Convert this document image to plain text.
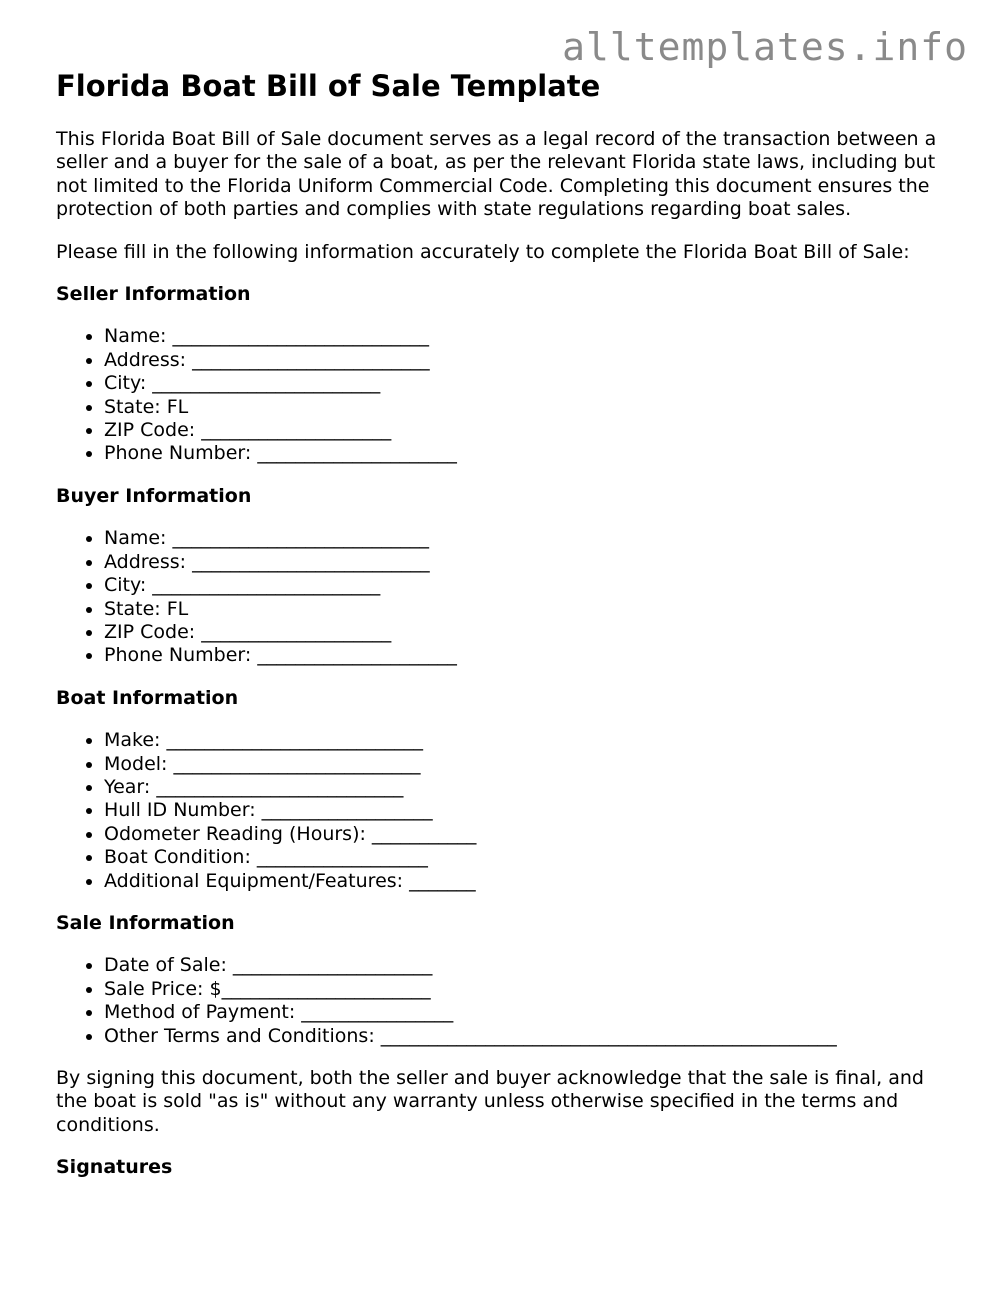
alltemplates.info
Florida Boat Bill of Sale Template

This Florida Boat Bill of Sale document serves as a legal record of the transaction between a seller and a buyer for the sale of a boat, as per the relevant Florida state laws, including but not limited to the Florida Uniform Commercial Code. Completing this document ensures the protection of both parties and complies with state regulations regarding boat sales.

Please fill in the following information accurately to complete the Florida Boat Bill of Sale:

Seller Information
• Name: ___________________________
• Address: _________________________
• City: ________________________
• State: FL
• ZIP Code: ____________________
• Phone Number: _____________________
Buyer Information
• Name: ___________________________
• Address: _________________________
• City: ________________________
• State: FL
• ZIP Code: ____________________
• Phone Number: _____________________
Boat Information
• Make: ___________________________
• Model: __________________________
• Year: __________________________
• Hull ID Number: __________________
• Odometer Reading (Hours): ___________
• Boat Condition: __________________
• Additional Equipment/Features: _______
Sale Information
• Date of Sale: _____________________
• Sale Price: $______________________
• Method of Payment: ________________
• Other Terms and Conditions: ________________________________________________

By signing this document, both the seller and buyer acknowledge that the sale is final, and the boat is sold "as is" without any warranty unless otherwise specified in the terms and conditions.

Signatures
